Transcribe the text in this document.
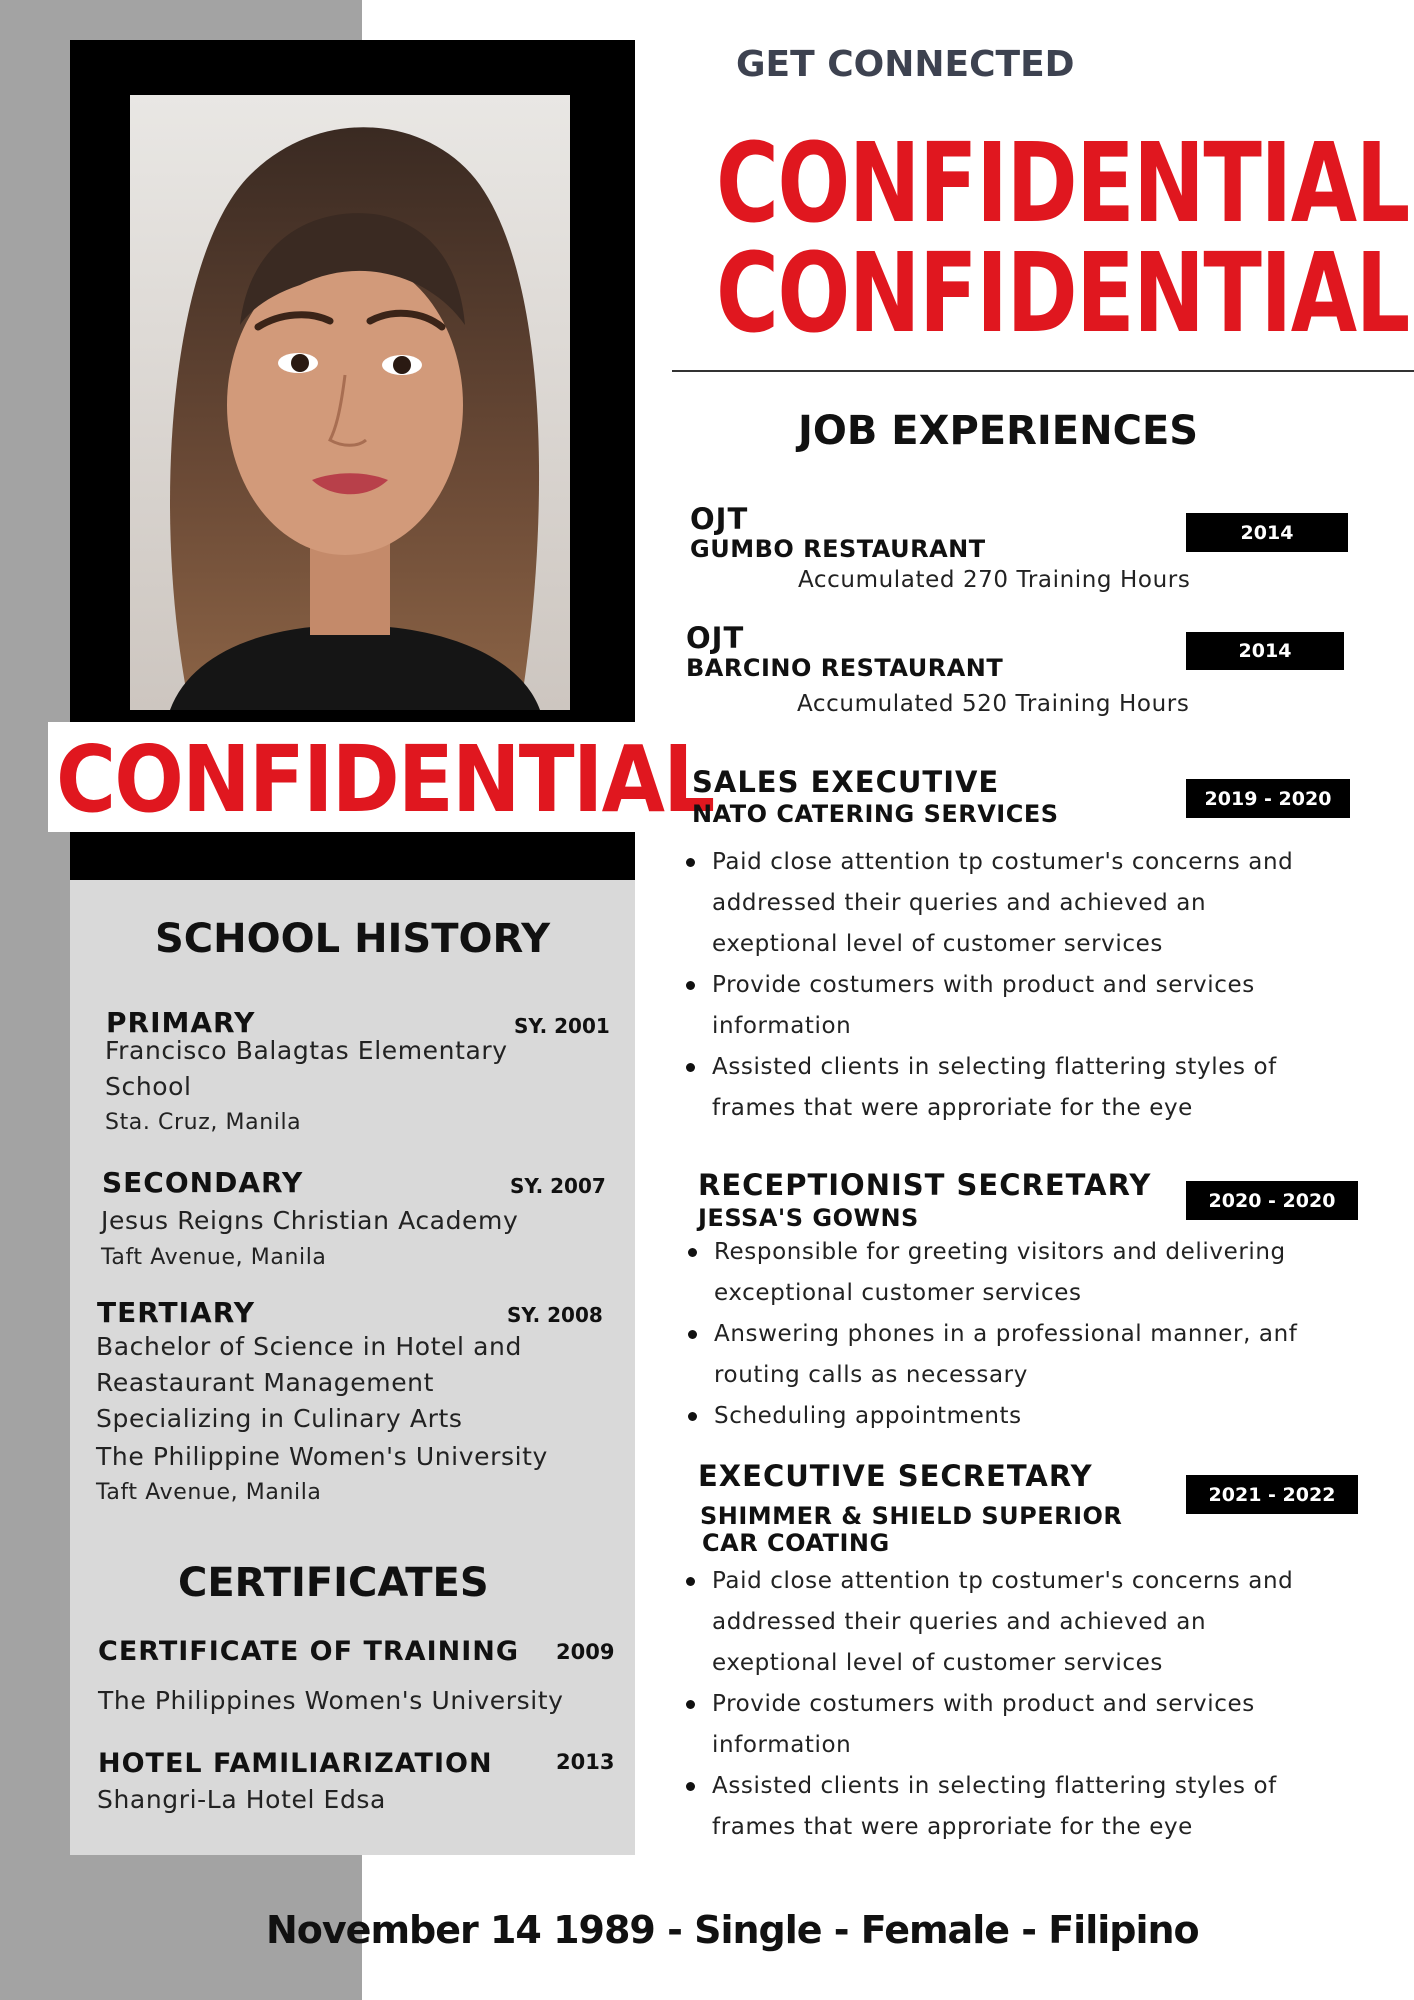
CONFIDENTIAL
SCHOOL HISTORY
PRIMARY	SY. 2001
Francisco Balagtas Elementary
School
Sta. Cruz, Manila
SECONDARY	SY. 2007
Jesus Reigns Christian Academy
Taft Avenue, Manila
TERTIARY	SY. 2008
Bachelor of Science in Hotel and
Reastaurant Management
Specializing in Culinary Arts
The Philippine Women's University
Taft Avenue, Manila
CERTIFICATES
CERTIFICATE OF TRAINING 2009
The Philippines Women's University
HOTEL FAMILIARIZATION	2013
Shangri-La Hotel Edsa
GET CONNECTED
CONFIDENTIAL
CONFIDENTIAL
JOB EXPERIENCES
OJT
GUMBO RESTAURANT
Accumulated 270 Training Hours
2014
OJT
BARCINO RESTAURANT
Accumulated 520 Training Hours
2014
SALES EXECUTIVE
NATO CATERING SERVICES
2019 - 2020
Paid close attention tp costumer's concerns and
addressed their queries and achieved an
exeptional level of customer services
Provide costumers with product and services
information
Assisted clients in selecting flattering styles of
frames that were approriate for the eye
RECEPTIONIST SECRETARY
JESSA'S GOWNS
2020 - 2020
Responsible for greeting visitors and delivering
exceptional customer services
Answering phones in a professional manner, anf
routing calls as necessary
Scheduling appointments
EXECUTIVE SECRETARY
SHIMMER & SHIELD SUPERIOR
CAR COATING
2021 - 2022
Paid close attention tp costumer's concerns and
addressed their queries and achieved an
exeptional level of customer services
Provide costumers with product and services
information
Assisted clients in selecting flattering styles of
frames that were approriate for the eye
November 14 1989 - Single - Female - Filipino
